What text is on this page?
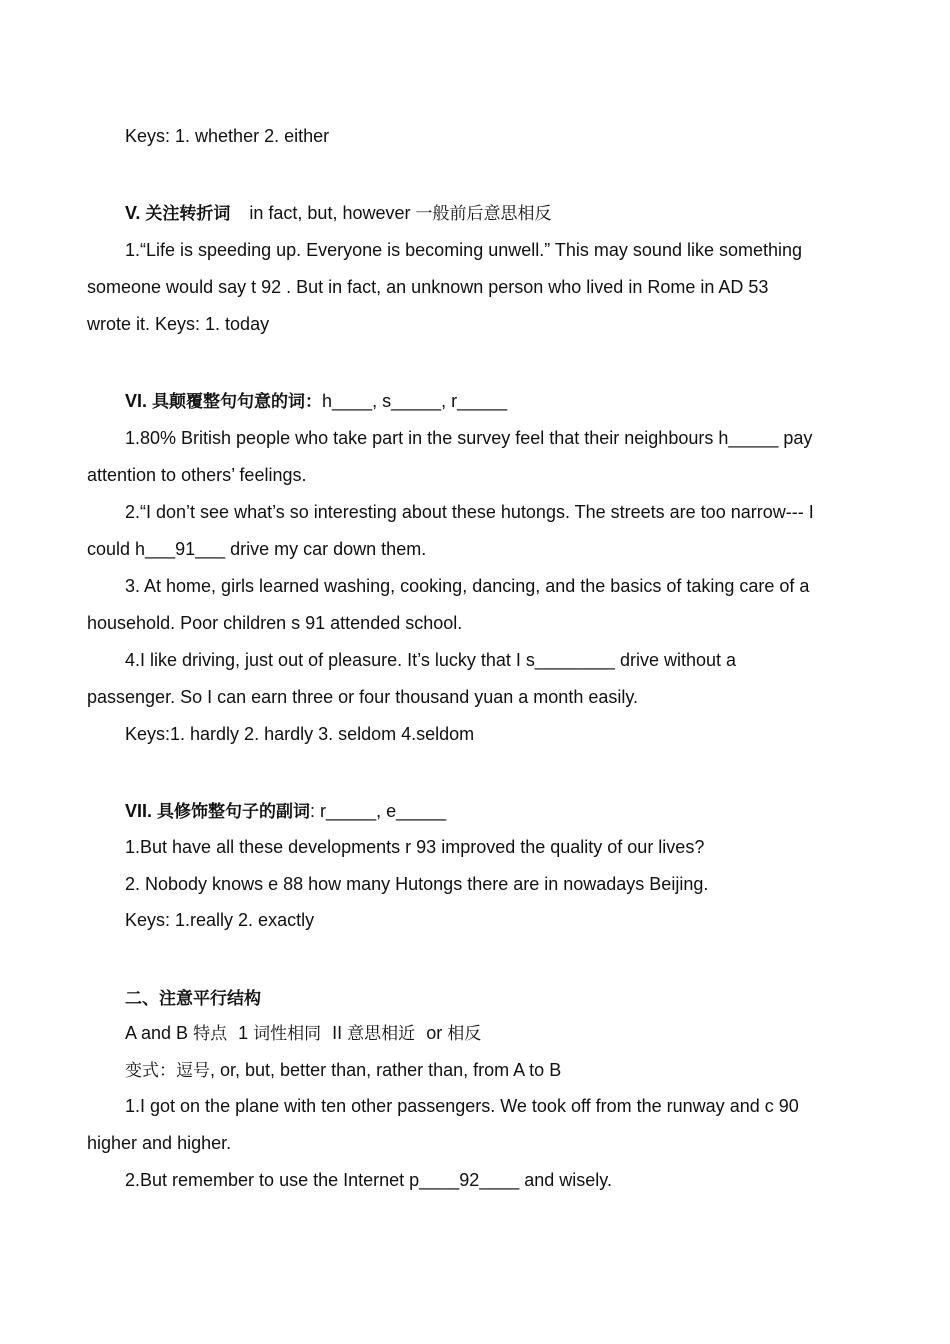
Keys: 1. whether 2. either
V. 关注转折词 in fact, but, however 一般前后意思相反
1.“Life is speeding up. Everyone is becoming unwell.” This may sound like something
someone would say t 92 . But in fact, an unknown person who lived in Rome in AD 53
wrote it. Keys: 1. today
VI. 具颠覆整句句意的词：h____, s_____, r_____
1.80% British people who take part in the survey feel that their neighbours h_____ pay
attention to others’ feelings.
2.“I don’t see what’s so interesting about these hutongs. The streets are too narrow--- I
could h___91___ drive my car down them.
3. At home, girls learned washing, cooking, dancing, and the basics of taking care of a
household. Poor children s 91 attended school.
4.I like driving, just out of pleasure. It’s lucky that I s________ drive without a
passenger. So I can earn three or four thousand yuan a month easily.
Keys:1. hardly 2. hardly 3. seldom 4.seldom
VII. 具修饰整句子的副词: r_____, e_____
1.But have all these developments r 93 improved the quality of our lives?
2. Nobody knows e 88 how many Hutongs there are in nowadays Beijing.
Keys: 1.really 2. exactly
二、注意平行结构
A and B 特点 1 词性相同 II 意思相近 or 相反
变式：逗号, or, but, better than, rather than, from A to B
1.I got on the plane with ten other passengers. We took off from the runway and c 90
higher and higher.
2.But remember to use the Internet p____92____ and wisely.
